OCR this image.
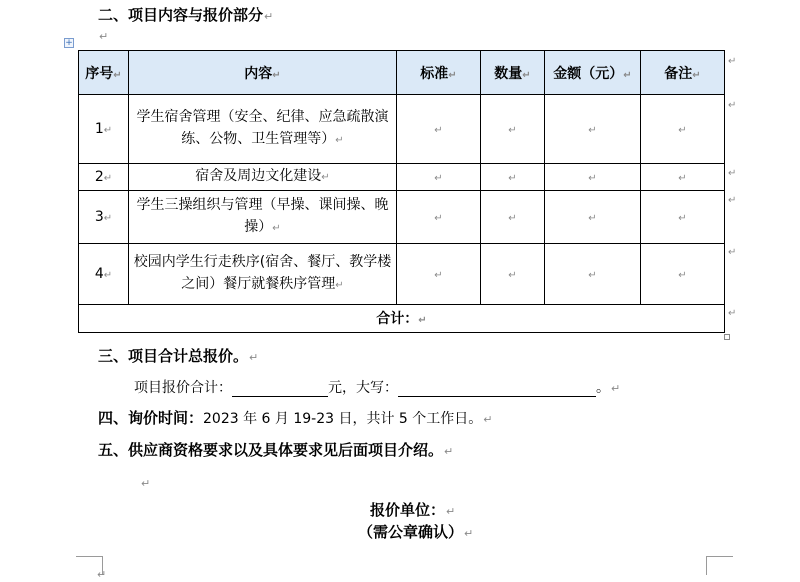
二、项目内容与报价部分↵
↵
+
序号↵	内容↵	标准↵	数量↵	金额（元）↵	备注↵
1↵	学生宿舍管理（安全、纪律、应急疏散演练、公物、卫生管理等）↵	↵	↵	↵	↵
2↵	宿舍及周边文化建设↵	↵	↵	↵	↵
3↵	学生三操组织与管理（早操、课间操、晚操）↵	↵	↵	↵	↵
4↵	校园内学生行走秩序(宿舍、餐厅、教学楼之间）餐厅就餐秩序管理↵	↵	↵	↵	↵
合计：↵					
↵
↵
↵
↵
↵
↵
三、项目合计总报价。↵
项目报价合计：	元，大写：	。↵
四、询价时间：2023 年 6 月 19-23 日，共计 5 个工作日。↵
五、供应商资格要求以及具体要求见后面项目介绍。↵
↵
报价单位：↵
（需公章确认）↵
↵
